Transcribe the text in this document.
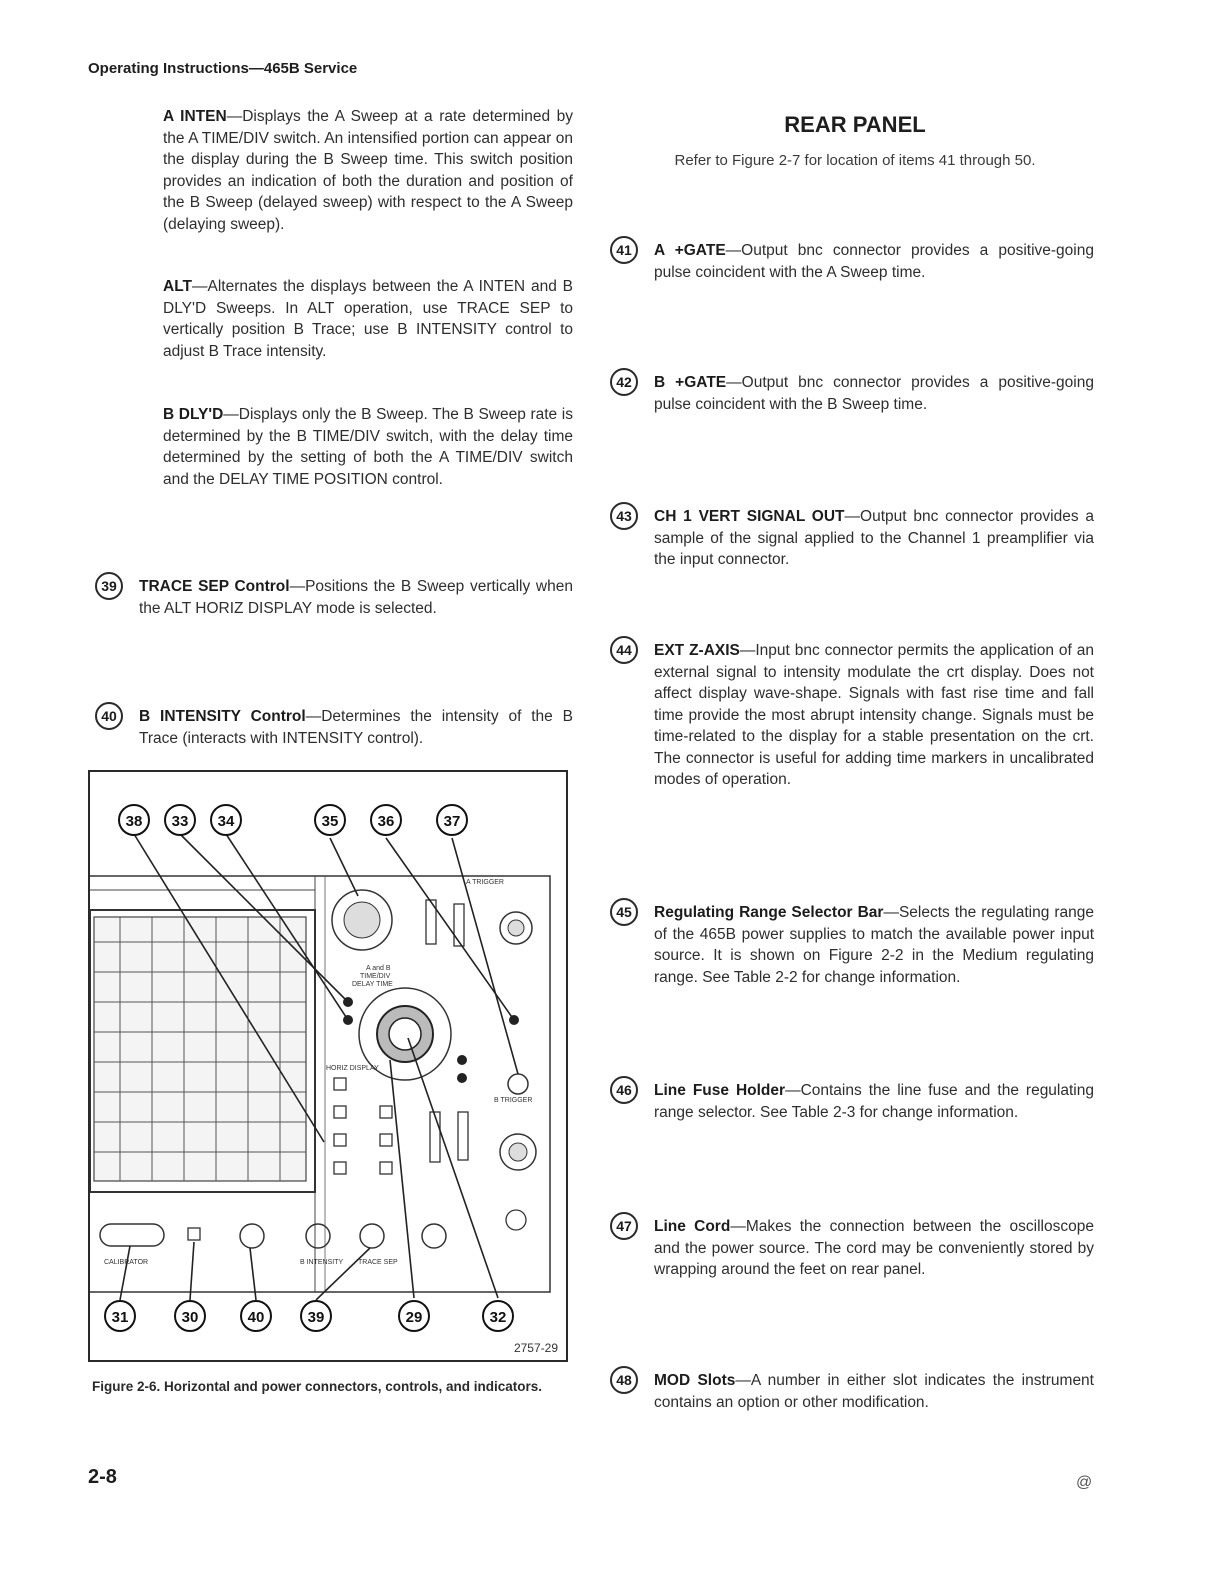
Operating Instructions—465B Service

A INTEN—Displays the A Sweep at a rate determined by the A TIME/DIV switch. An intensified portion can appear on the display during the B Sweep time. This switch position provides an indication of both the duration and position of the B Sweep (delayed sweep) with respect to the A Sweep (delaying sweep).

ALT—Alternates the displays between the A INTEN and B DLY'D Sweeps. In ALT operation, use TRACE SEP to vertically position B Trace; use B INTENSITY control to adjust B Trace intensity.

B DLY'D—Displays only the B Sweep. The B Sweep rate is determined by the B TIME/DIV switch, with the delay time determined by the setting of both the A TIME/DIV switch and the DELAY TIME POSITION control.

39	TRACE SEP Control—Positions the B Sweep vertically when the ALT HORIZ DISPLAY mode is selected.

40	B INTENSITY Control—Determines the intensity of the B Trace (interacts with INTENSITY control).

A TRIGGER
A and B
TIME/DIV
DELAY TIME
HORIZ DISPLAY
B TRIGGER
CALIBRATOR	B INTENSITY TRACE SEP
38 33 34	35	36	37
31	30	40	39	29	32
2757-29
Figure 2-6. Horizontal and power connectors, controls, and indicators.
REAR PANEL
Refer to Figure 2-7 for location of items 41 through 50.
41	A +GATE—Output bnc connector provides a positive-going pulse coincident with the A Sweep time.

42	B +GATE—Output bnc connector provides a positive-going pulse coincident with the B Sweep time.

43	CH 1 VERT SIGNAL OUT—Output bnc connector provides a sample of the signal applied to the Channel 1 preamplifier via the input connector.

44	EXT Z-AXIS—Input bnc connector permits the application of an external signal to intensity modulate the crt display. Does not affect display wave-shape. Signals with fast rise time and fall time provide the most abrupt intensity change. Signals must be time-related to the display for a stable presentation on the crt. The connector is useful for adding time markers in uncalibrated modes of operation.

45	Regulating Range Selector Bar—Selects the regulating range of the 465B power supplies to match the available power input source. It is shown on Figure 2-2 in the Medium regulating range. See Table 2-2 for change information.

46	Line Fuse Holder—Contains the line fuse and the regulating range selector. See Table 2-3 for change information.

47	Line Cord—Makes the connection between the oscilloscope and the power source. The cord may be conveniently stored by wrapping around the feet on rear panel.

48	MOD Slots—A number in either slot indicates the instrument contains an option or other modification.

2-8	@
